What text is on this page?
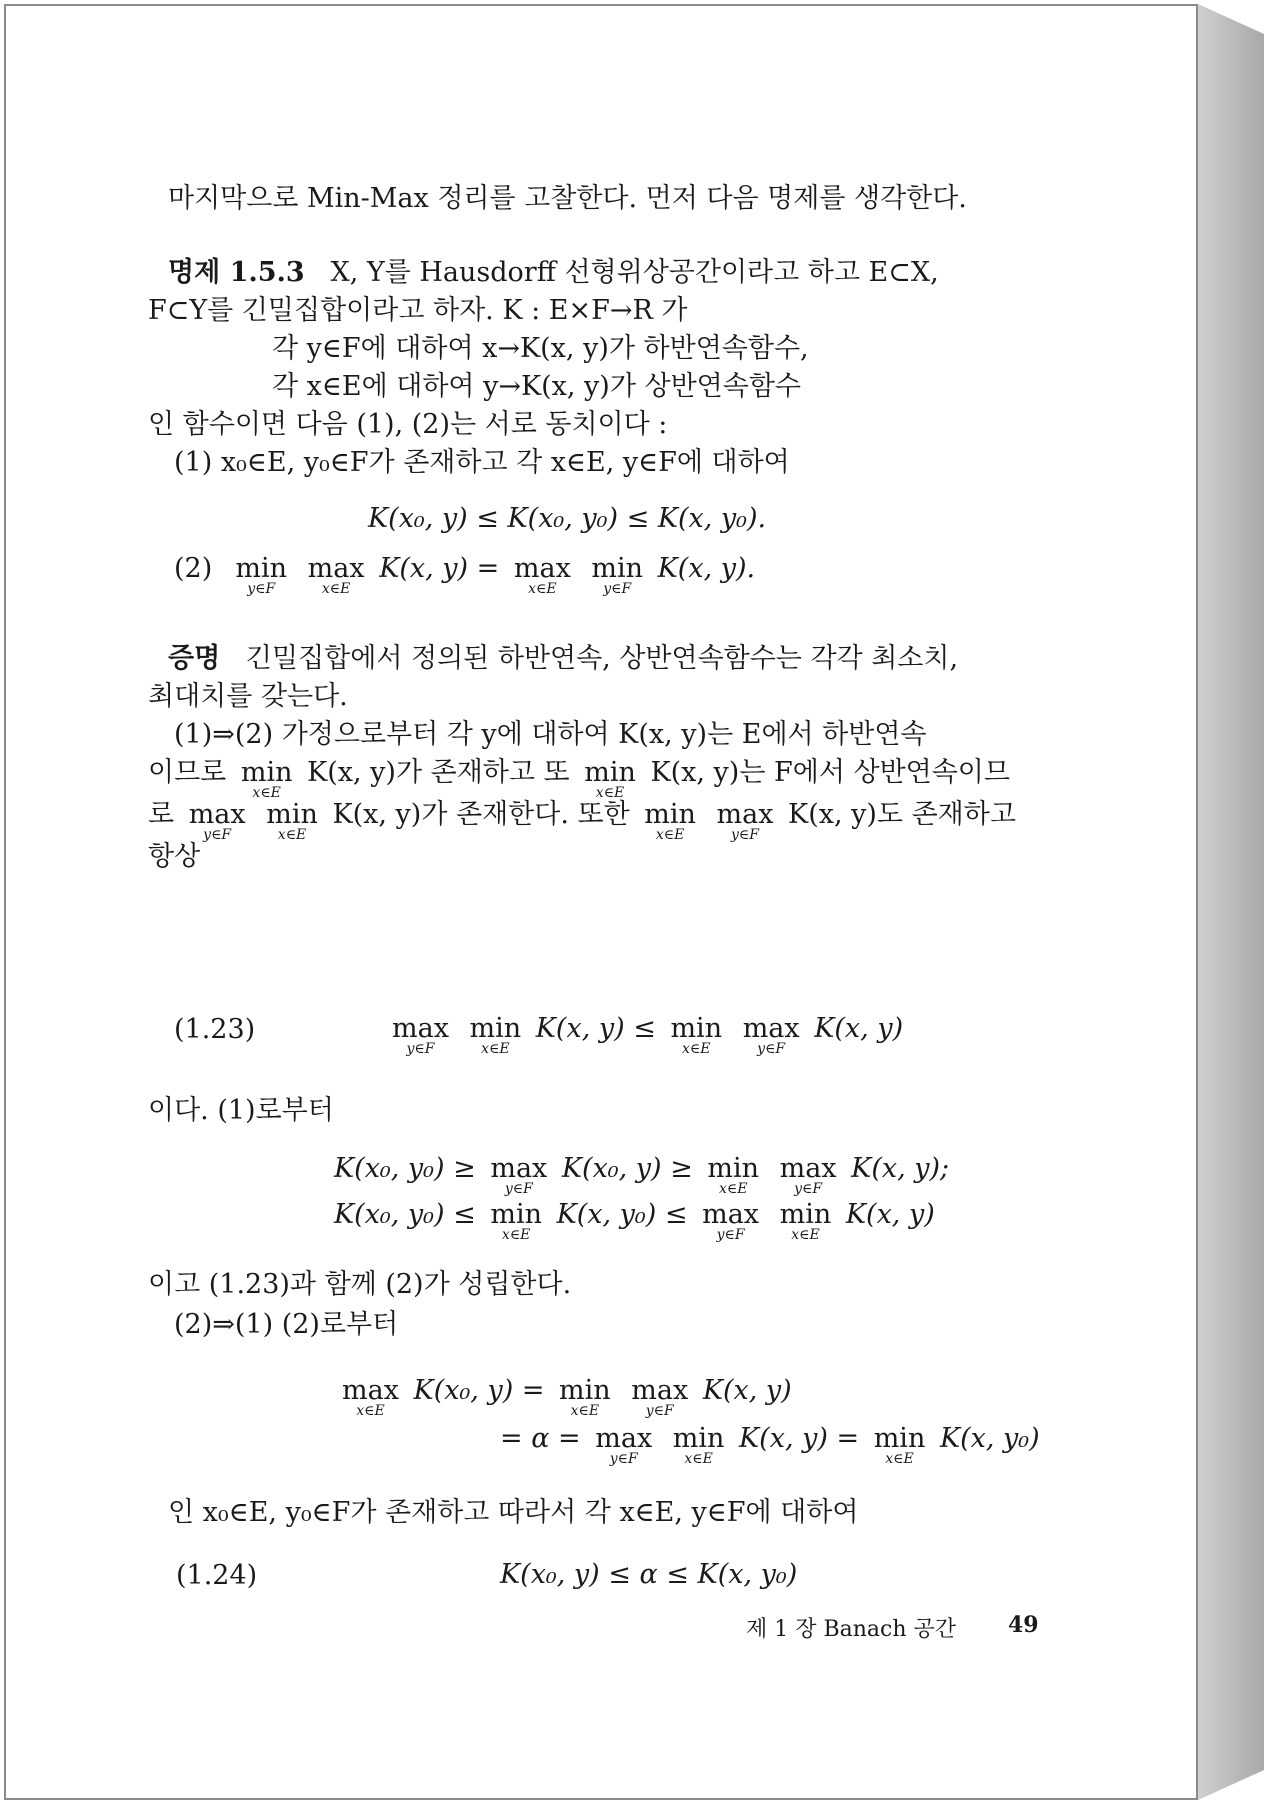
마지막으로 Min-Max 정리를 고찰한다. 먼저 다음 명제를 생각한다.
명제 1.5.3 X, Y를 Hausdorff 선형위상공간이라고 하고 E⊂X,
F⊂Y를 긴밀집합이라고 하자. K : E×F→R 가
각 y∈F에 대하여 x→K(x, y)가 하반연속함수,
각 x∈E에 대하여 y→K(x, y)가 상반연속함수
인 함수이면 다음 (1), (2)는 서로 동치이다 :
(1) x₀∈E, y₀∈F가 존재하고 각 x∈E, y∈F에 대하여
K(x₀, y) ≤ K(x₀, y₀) ≤ K(x, y₀).
(2) min
y∈F
max
x∈E
K(x, y) = max
x∈E
min
y∈F
K(x, y).
증명 긴밀집합에서 정의된 하반연속, 상반연속함수는 각각 최소치,
최대치를 갖는다.
(1)⇒(2) 가정으로부터 각 y에 대하여 K(x, y)는 E에서 하반연속
이므로 min
x∈E
K(x, y)가 존재하고 또 min
x∈E
K(x, y)는 F에서 상반연속이므
로 max
y∈F
min
x∈E
K(x, y)가 존재한다. 또한 min
x∈E
max
y∈F
K(x, y)도 존재하고
항상
(1.23)	max
y∈F
min
x∈E
K(x, y) ≤ min
x∈E
max
y∈F
K(x, y)
이다. (1)로부터
K(x₀, y₀) ≥ max
y∈F
K(x₀, y) ≥ min
x∈E
max
y∈F
K(x, y);
K(x₀, y₀) ≤ min
x∈E
K(x, y₀) ≤ max
y∈F
min
x∈E
K(x, y)
이고 (1.23)과 함께 (2)가 성립한다.
(2)⇒(1) (2)로부터
max
x∈E
K(x₀, y) = min
x∈E
max
y∈F
K(x, y)
= α = max
y∈F
min
x∈E
K(x, y) = min
x∈E
K(x, y₀)
인 x₀∈E, y₀∈F가 존재하고 따라서 각 x∈E, y∈F에 대하여
(1.24)	K(x₀, y) ≤ α ≤ K(x, y₀)
제 1 장 Banach 공간 49
